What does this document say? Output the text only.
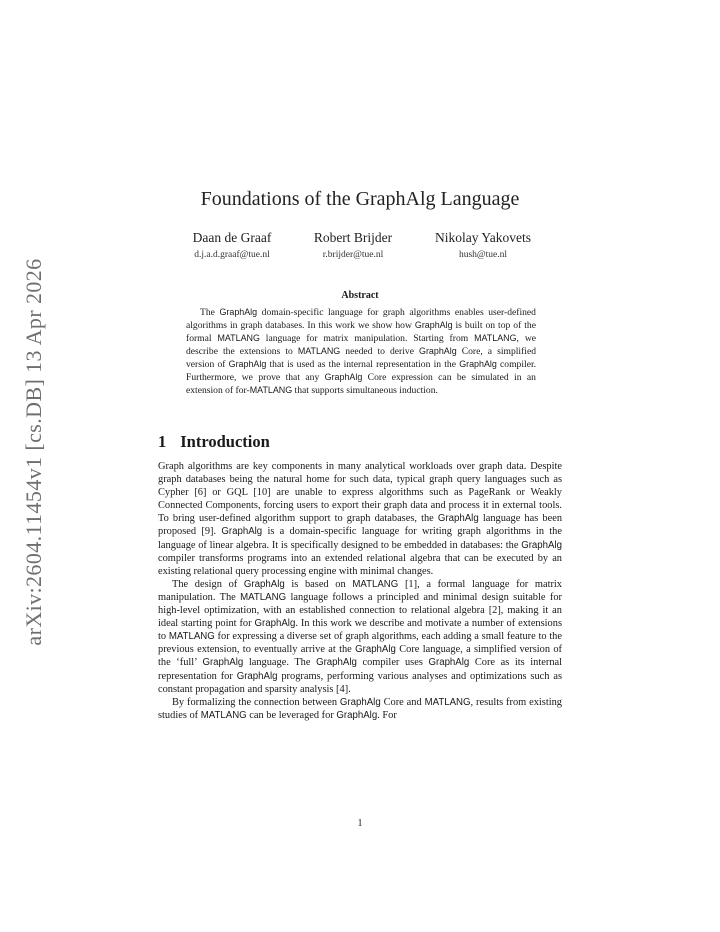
arXiv:2604.11454v1 [cs.DB] 13 Apr 2026
Foundations of the GraphAlg Language
Daan de Graaf
d.j.a.d.graaf@tue.nl
Robert Brijder
r.brijder@tue.nl
Nikolay Yakovets
hush@tue.nl
Abstract
The GraphAlg domain-specific language for graph algorithms enables user-defined algorithms in graph databases. In this work we show how GraphAlg is built on top of the formal MATLANG language for matrix manipulation. Starting from MATLANG, we describe the extensions to MATLANG needed to derive GraphAlg Core, a simplified version of GraphAlg that is used as the internal representation in the GraphAlg compiler. Furthermore, we prove that any GraphAlg Core expression can be simulated in an extension of for-MATLANG that supports simultaneous induction.
1 Introduction

Graph algorithms are key components in many analytical workloads over graph data. Despite graph databases being the natural home for such data, typical graph query languages such as Cypher [6] or GQL [10] are unable to express algorithms such as PageRank or Weakly Connected Components, forcing users to export their graph data and process it in external tools. To bring user-defined algorithm support to graph databases, the GraphAlg language has been proposed [9]. GraphAlg is a domain-specific language for writing graph algorithms in the language of linear algebra. It is specifically designed to be embedded in databases: the GraphAlg compiler transforms programs into an extended relational algebra that can be executed by an existing relational query processing engine with minimal changes.

The design of GraphAlg is based on MATLANG [1], a formal language for matrix manipulation. The MATLANG language follows a principled and minimal design suitable for high-level optimization, with an established connection to relational algebra [2], making it an ideal starting point for GraphAlg. In this work we describe and motivate a number of extensions to MATLANG for expressing a diverse set of graph algorithms, each adding a small feature to the previous extension, to eventually arrive at the GraphAlg Core language, a simplified version of the ‘full’ GraphAlg language. The GraphAlg compiler uses GraphAlg Core as its internal representation for GraphAlg programs, performing various analyses and optimizations such as constant propagation and sparsity analysis [4].

By formalizing the connection between GraphAlg Core and MATLANG, results from existing studies of MATLANG can be leveraged for GraphAlg. For

1
